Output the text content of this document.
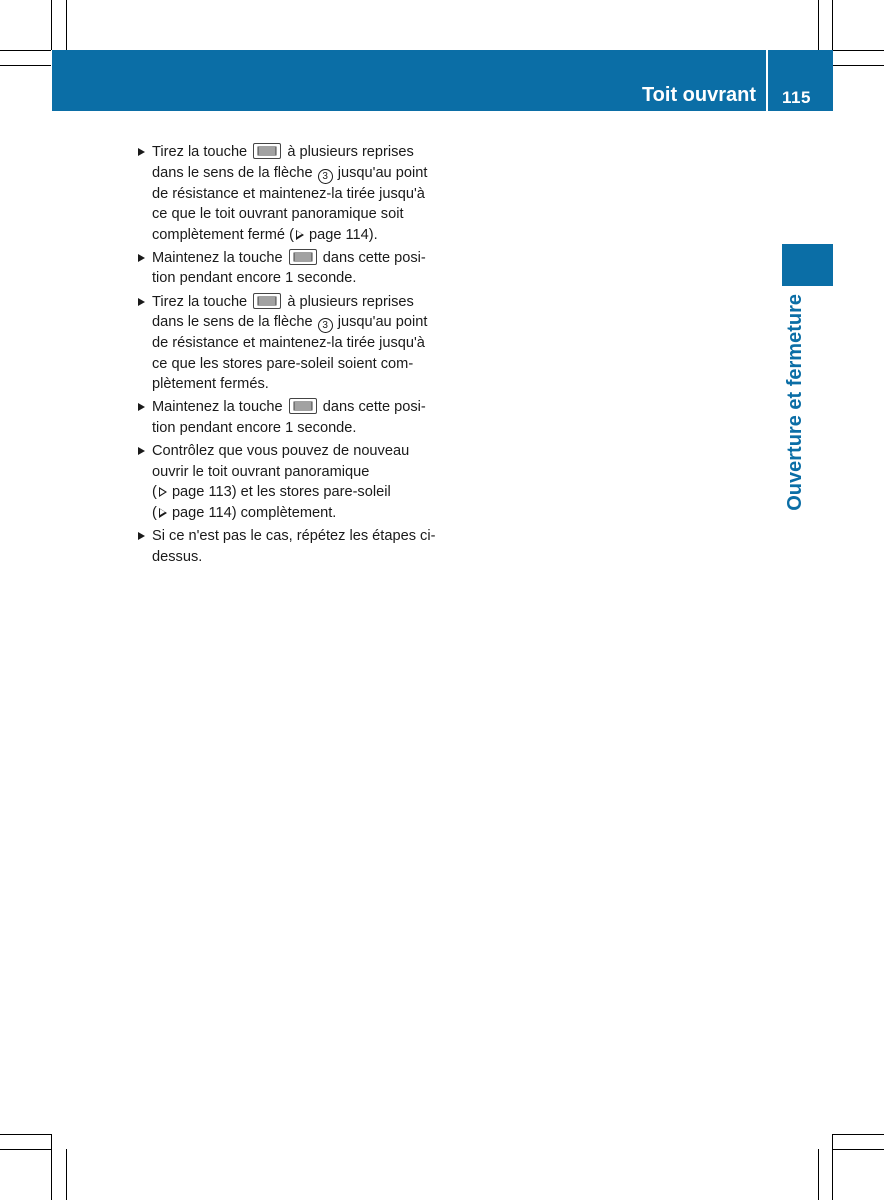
Toit ouvrant 115
Ouverture et fermeture
Tirez la touche	à plusieurs reprises
dans le sens de la flèche 3 jusqu'au point
de résistance et maintenez-la tirée jusqu'à
ce que le toit ouvrant panoramique soit
complètement fermé ( page 114).
Maintenez la touche	dans cette posi-
tion pendant encore 1 seconde.
Tirez la touche	à plusieurs reprises
dans le sens de la flèche 3 jusqu'au point
de résistance et maintenez-la tirée jusqu'à
ce que les stores pare-soleil soient com-
plètement fermés.
Maintenez la touche	dans cette posi-
tion pendant encore 1 seconde.
Contrôlez que vous pouvez de nouveau
ouvrir le toit ouvrant panoramique
( page 113) et les stores pare-soleil
( page 114) complètement.
Si ce n'est pas le cas, répétez les étapes ci-
dessus.
